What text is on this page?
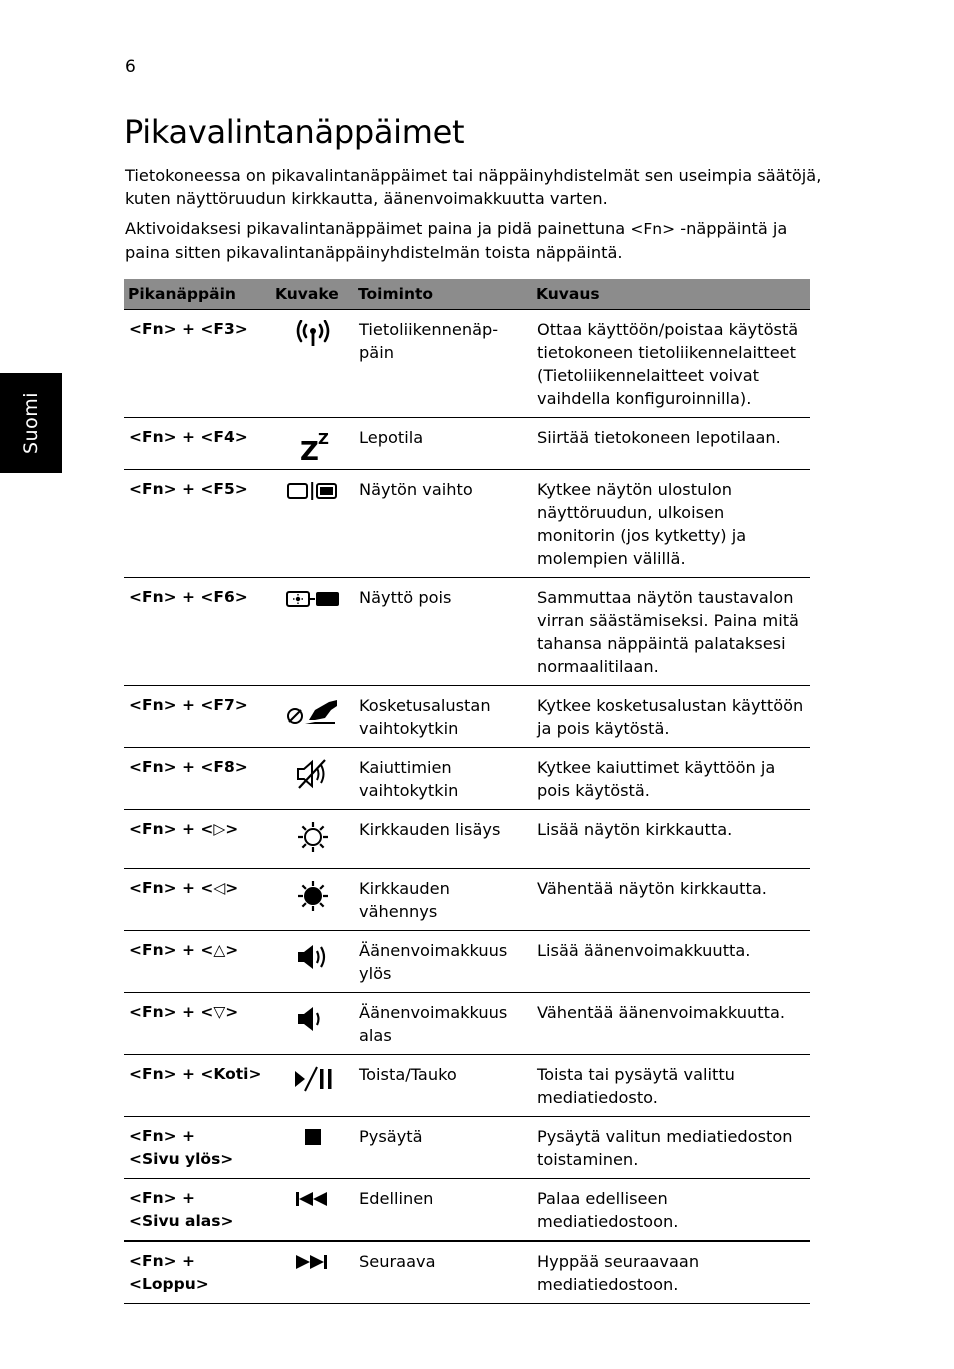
6
Suomi
Pikavalintanäppäimet

Tietokoneessa on pikavalintanäppäimet tai näppäinyhdistelmät sen useimpia säätöjä, kuten näyttöruudun kirkkautta, äänenvoimakkuutta varten.

Aktivoidaksesi pikavalintanäppäimet paina ja pidä painettuna <Fn> -näppäintä ja paina sitten pikavalintanäppäinyhdistelmän toista näppäintä.

Pikanäppäin	Kuvake	Toiminto	Kuvaus
<Fn> + <F3>		Tietoliikennenäp-päin	Ottaa käyttöön/poistaa käytöstä tietokoneen tietoliikennelaitteet (Tietoliikennelaitteet voivat vaihdella konfiguroinnilla).
<Fn> + <F4>	Z Z	Lepotila	Siirtää tietokoneen lepotilaan.
<Fn> + <F5>		Näytön vaihto	Kytkee näytön ulostulon näyttöruudun, ulkoisen monitorin (jos kytketty) ja molempien välillä.
<Fn> + <F6>		Näyttö pois	Sammuttaa näytön taustavalon virran säästämiseksi. Paina mitä tahansa näppäintä palataksesi normaalitilaan.
<Fn> + <F7>		Kosketusalustan vaihtokytkin	Kytkee kosketusalustan käyttöön ja pois käytöstä.
<Fn> + <F8>		Kaiuttimien vaihtokytkin	Kytkee kaiuttimet käyttöön ja pois käytöstä.
<Fn> + <▷>		Kirkkauden lisäys	Lisää näytön kirkkautta.
<Fn> + <◁>		Kirkkauden vähennys	Vähentää näytön kirkkautta.
<Fn> + <△>		Äänenvoimakkuus ylös	Lisää äänenvoimakkuutta.
<Fn> + <▽>		Äänenvoimakkuus alas	Vähentää äänenvoimakkuutta.
<Fn> + <Koti>		Toista/Tauko	Toista tai pysäytä valittu mediatiedosto.
<Fn> +
<Sivu ylös>		Pysäytä	Pysäytä valitun mediatiedoston toistaminen.
<Fn> +
<Sivu alas>		Edellinen	Palaa edelliseen mediatiedostoon.
<Fn> +
<Loppu>		Seuraava	Hyppää seuraavaan mediatiedostoon.
